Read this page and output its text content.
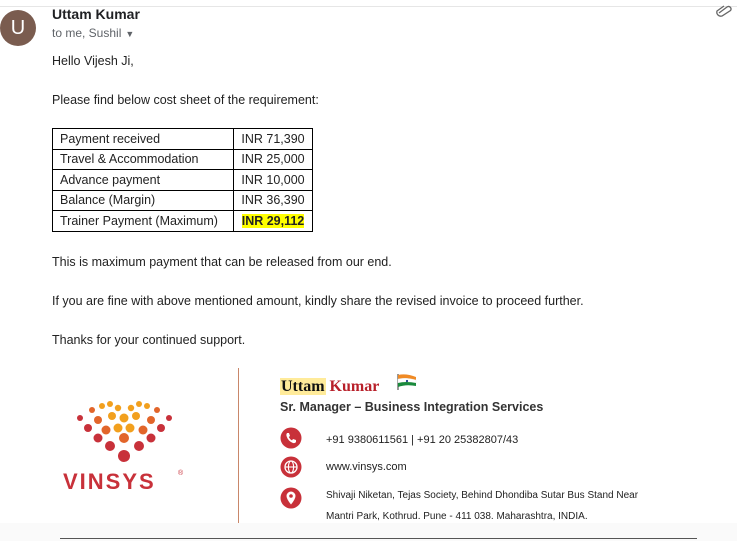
U
Uttam Kumar
to me, Sushil ▼
Hello Vijesh Ji,
Please find below cost sheet of the requirement:
Payment received	INR 71,390
Travel & Accommodation	INR 25,000
Advance payment	INR 10,000
Balance (Margin)	INR 36,390
Trainer Payment (Maximum)	INR 29,112
This is maximum payment that can be released from our end.
If you are fine with above mentioned amount, kindly share the revised invoice to proceed further.
Thanks for your continued support.
VINSYS	®
Uttam Kumar
Sr. Manager – Business Integration Services
+91 9380611561 | +91 20 25382807/43
www.vinsys.com
Shivaji Niketan, Tejas Society, Behind Dhondiba Sutar Bus Stand Near
Mantri Park, Kothrud. Pune - 411 038. Maharashtra, INDIA.
